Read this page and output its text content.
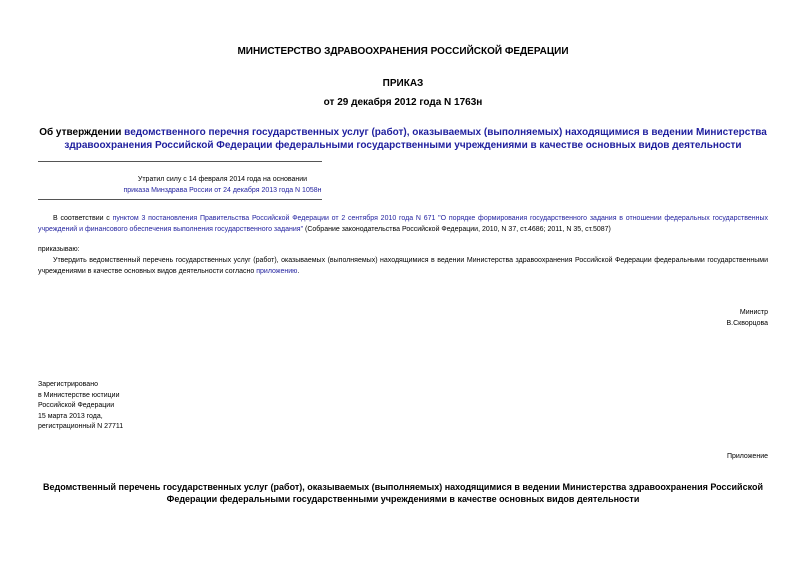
МИНИСТЕРСТВО ЗДРАВООХРАНЕНИЯ РОССИЙСКОЙ ФЕДЕРАЦИИ
ПРИКАЗ
от 29 декабря 2012 года N 1763н
Об утверждении ведомственного перечня государственных услуг (работ), оказываемых (выполняемых) находящимися в ведении Министерства здравоохранения Российской Федерации федеральными государственными учреждениями в качестве основных видов деятельности
Утратил силу с 14 февраля 2014 года на основании
приказа Минздрава России от 24 декабря 2013 года N 1058н
В соответствии с пунктом 3 постановления Правительства Российской Федерации от 2 сентября 2010 года N 671 "О порядке формирования государственного задания в отношении федеральных государственных учреждений и финансового обеспечения выполнения государственного задания" (Собрание законодательства Российской Федерации, 2010, N 37, ст.4686; 2011, N 35, ст.5087)
приказываю:
Утвердить ведомственный перечень государственных услуг (работ), оказываемых (выполняемых) находящимися в ведении Министерства здравоохранения Российской Федерации федеральными государственными учреждениями в качестве основных видов деятельности согласно приложению.
Министр
В.Скворцова
Зарегистрировано
в Министерстве юстиции
Российской Федерации
15 марта 2013 года,
регистрационный N 27711
Приложение
Ведомственный перечень государственных услуг (работ), оказываемых (выполняемых) находящимися в ведении Министерства здравоохранения Российской Федерации федеральными государственными учреждениями в качестве основных видов деятельности
